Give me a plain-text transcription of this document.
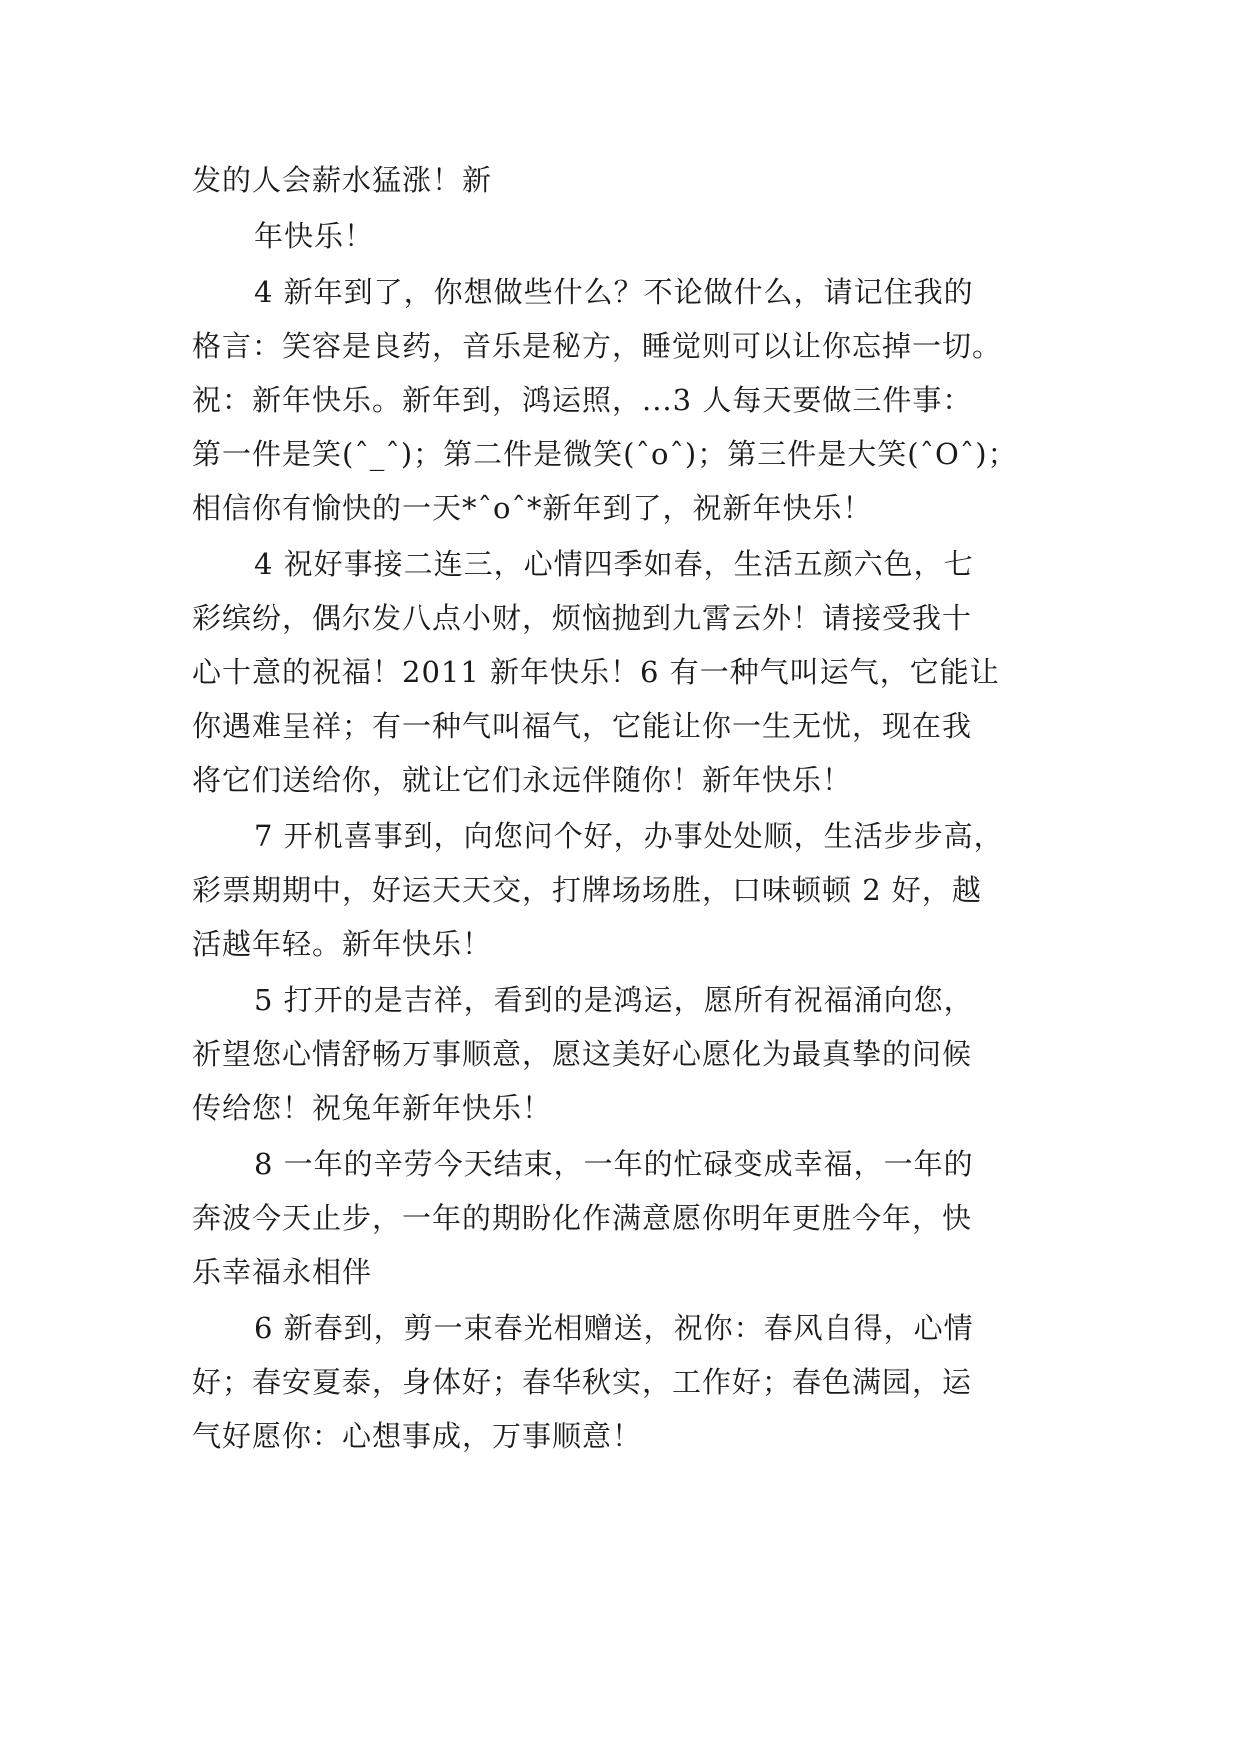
发的人会薪水猛涨！新
年快乐！
4 新年到了，你想做些什么？不论做什么，请记住我的
格言：笑容是良药，音乐是秘方，睡觉则可以让你忘掉一切。
祝：新年快乐。新年到，鸿运照，...3 人每天要做三件事：
第一件是笑(ˆ_ˆ)；第二件是微笑(ˆoˆ)；第三件是大笑(ˆOˆ)；
相信你有愉快的一天*ˆoˆ*新年到了，祝新年快乐！
4 祝好事接二连三，心情四季如春，生活五颜六色，七
彩缤纷，偶尔发八点小财，烦恼抛到九霄云外！请接受我十
心十意的祝福！2011 新年快乐！6 有一种气叫运气，它能让
你遇难呈祥；有一种气叫福气，它能让你一生无忧，现在我
将它们送给你，就让它们永远伴随你！新年快乐！
7 开机喜事到，向您问个好，办事处处顺，生活步步高，
彩票期期中，好运天天交，打牌场场胜，口味顿顿 2 好，越
活越年轻。新年快乐！
5 打开的是吉祥，看到的是鸿运，愿所有祝福涌向您，
祈望您心情舒畅万事顺意，愿这美好心愿化为最真挚的问候
传给您！祝兔年新年快乐！
8 一年的辛劳今天结束，一年的忙碌变成幸福，一年的
奔波今天止步，一年的期盼化作满意愿你明年更胜今年，快
乐幸福永相伴
6 新春到，剪一束春光相赠送，祝你：春风自得，心情
好；春安夏泰，身体好；春华秋实，工作好；春色满园，运
气好愿你：心想事成，万事顺意！
